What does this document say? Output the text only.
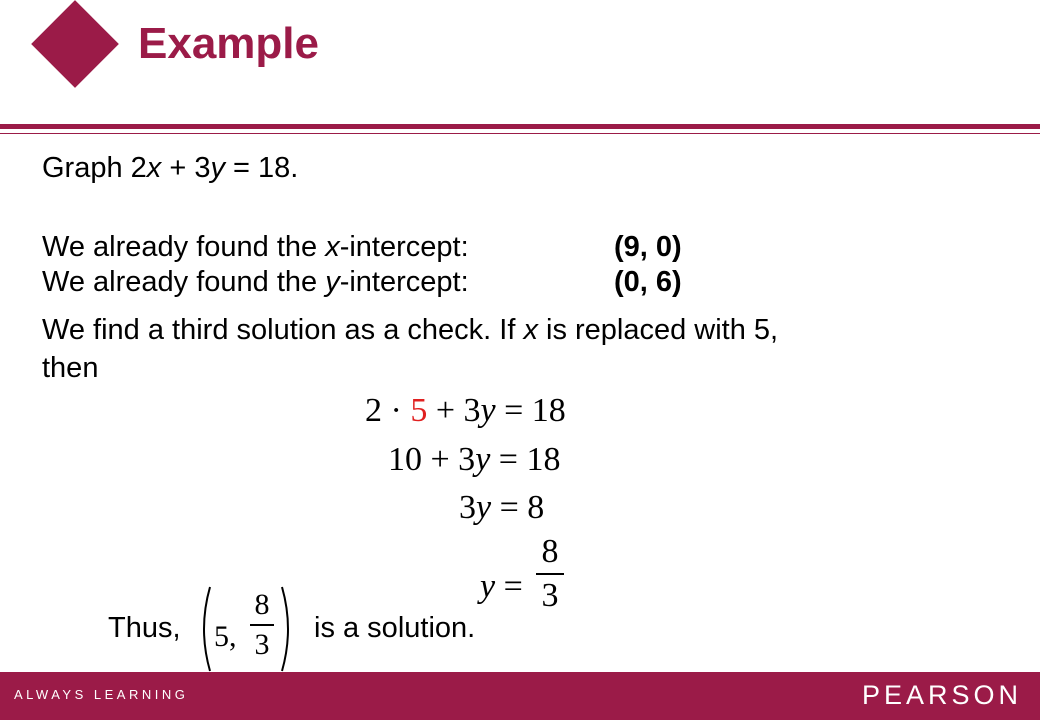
Example
Graph 2x + 3y = 18.
We already found the x-intercept:	(9, 0)
We already found the y-intercept:	(0, 6)
We find a third solution as a check. If x is replaced with 5,
then
2 · 5 + 3y = 18
10 + 3y = 18
3y = 8
y =
8
3
Thus, 5,
8
3 is a solution.
ALWAYS LEARNING	PEARSON
